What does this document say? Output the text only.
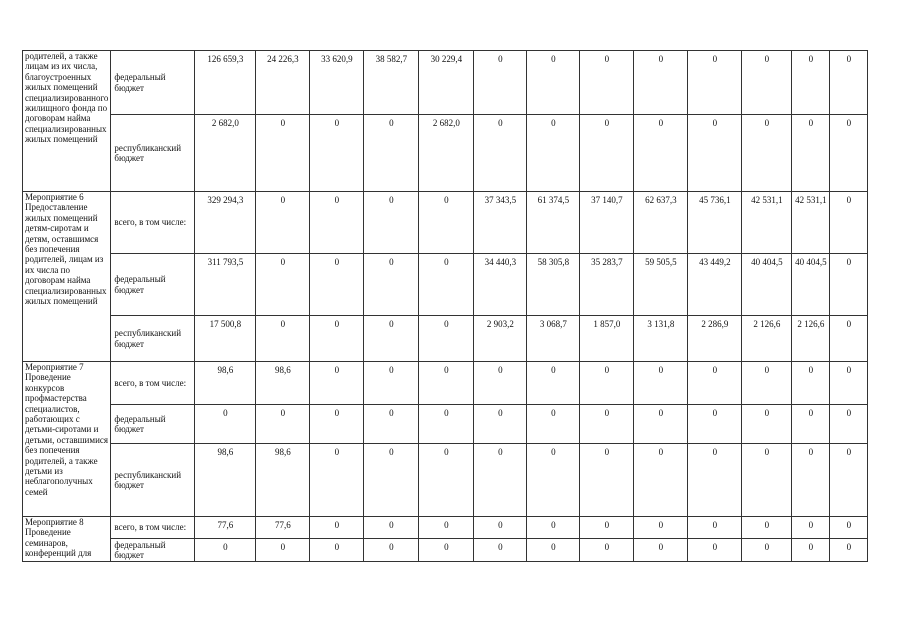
родителей, а также лицам из их числа, благоустроенных жилых помещений специализированного жилищного фонда по договорам найма специализированных жилых помещений	федеральный бюджет	126 659,3	24 226,3	33 620,9	38 582,7	30 229,4	0	0	0	0	0	0	0	0
	республиканский бюджет	2 682,0	0	0	0	2 682,0	0	0	0	0	0	0	0	0
Мероприятие 6 Предоставление жилых помещений детям-сиротам и детям, оставшимся без попечения родителей, лицам из их числа по договорам найма специализированных жилых помещений	всего, в том числе:	329 294,3	0	0	0	0	37 343,5	61 374,5	37 140,7	62 637,3	45 736,1	42 531,1	42 531,1	0
	федеральный бюджет	311 793,5	0	0	0	0	34 440,3	58 305,8	35 283,7	59 505,5	43 449,2	40 404,5	40 404,5	0
	республиканский бюджет	17 500,8	0	0	0	0	2 903,2	3 068,7	1 857,0	3 131,8	2 286,9	2 126,6	2 126,6	0
Мероприятие 7 Проведение конкурсов профмастерства специалистов, работающих с детьми-сиротами и детьми, оставшимися без попечения родителей, а также детьми из неблагополучных семей	всего, в том числе:	98,6	98,6	0	0	0	0	0	0	0	0	0	0	0
	федеральный бюджет	0	0	0	0	0	0	0	0	0	0	0	0	0
	республиканский бюджет	98,6	98,6	0	0	0	0	0	0	0	0	0	0	0
Мероприятие 8 Проведение семинаров, конференций для	всего, в том числе:	77,6	77,6	0	0	0	0	0	0	0	0	0	0	0
	федеральный бюджет	0	0	0	0	0	0	0	0	0	0	0	0	0
